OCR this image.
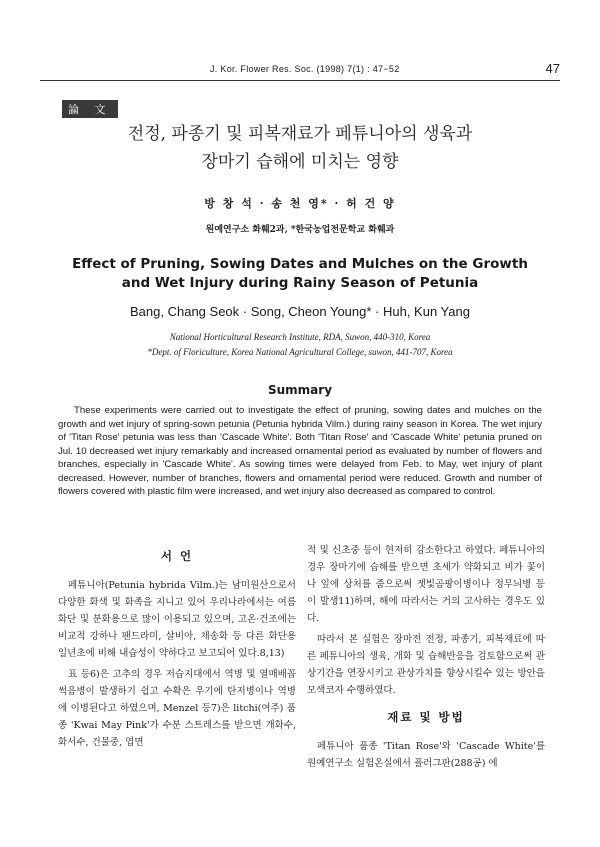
J. Kor. Flower Res. Soc. (1998) 7(1) : 47−52	47
論 文
전정, 파종기 및 피복재료가 페튜니아의 생육과
장마기 습해에 미치는 영향
방 창 석 · 송 천 영* · 허 건 양
원예연구소 화훼2과, *한국농업전문학교 화훼과
Effect of Pruning, Sowing Dates and Mulches on the Growth
and Wet Injury during Rainy Season of Petunia
Bang, Chang Seok · Song, Cheon Young* · Huh, Kun Yang
National Horticultural Research Institute, RDA, Suwon, 440-310, Korea
*Dept. of Floriculture, Korea National Agricultural College, suwon, 441-707, Korea
Summary
These experiments were carried out to investigate the effect of pruning, sowing dates and mulches on the growth and wet injury of spring-sown petunia (Petunia hybrida Vilm.) during rainy season in Korea. The wet injury of 'Titan Rose' petunia was less than 'Cascade White'. Both 'Titan Rose' and 'Cascade White' petunia pruned on Jul. 10 decreased wet injury remarkably and increased ornamental period as evaluated by number of flowers and branches, especially in 'Cascade White'. As sowing times were delayed from Feb. to May, wet injury of plant decreased. However, number of branches, flowers and ornamental period were reduced. Growth and number of flowers covered with plastic film were increased, and wet injury also decreased as compared to control.
서 언

페튜니아(Petunia hybrida Vilm.)는 남미원산으로서 다양한 화색 및 화족을 지니고 있어 우리나라에서는 여름화단 및 분화용으로 많이 이용되고 있으며, 고온·건조에는 비교적 강하나 팬드라미, 살비아, 채송화 등 다른 화단용 일년초에 비해 내습성이 약하다고 보고되어 있다.8,13)

표 등6)은 고추의 경우 저습지대에서 역병 및 열매배꼽썩음병이 발생하기 쉽고 수확은 우기에 탄저병이나 역병에 이병된다고 하였으며, Menzel 등7)은 litchi(여주) 품종 'Kwai May Pink'가 수분 스트레스를 받으면 개화수, 화서수, 건물중, 엽면

적 및 신초중 등이 현저히 감소한다고 하였다. 페튜니아의 경우 장마기에 습해를 받으면 초세가 약화되고 비가 꽃이나 잎에 상처를 줌으로써 잿빛곰팡이병이나 정무늬병 등이 발생11)하며, 해에 따라서는 거의 고사하는 경우도 있다.

따라서 본 실험은 장마전 전정, 파종기, 피복재료에 따른 페튜니아의 생육, 개화 및 습해반응을 검토함으로써 관상기간을 연장시키고 관상가치를 향상시킬수 있는 방안을 모색코자 수행하였다.

재료 및 방법

페튜니아 품종 'Titan Rose'와 'Cascade White'를 원예연구소 실험온실에서 플러그판(288공) 에
